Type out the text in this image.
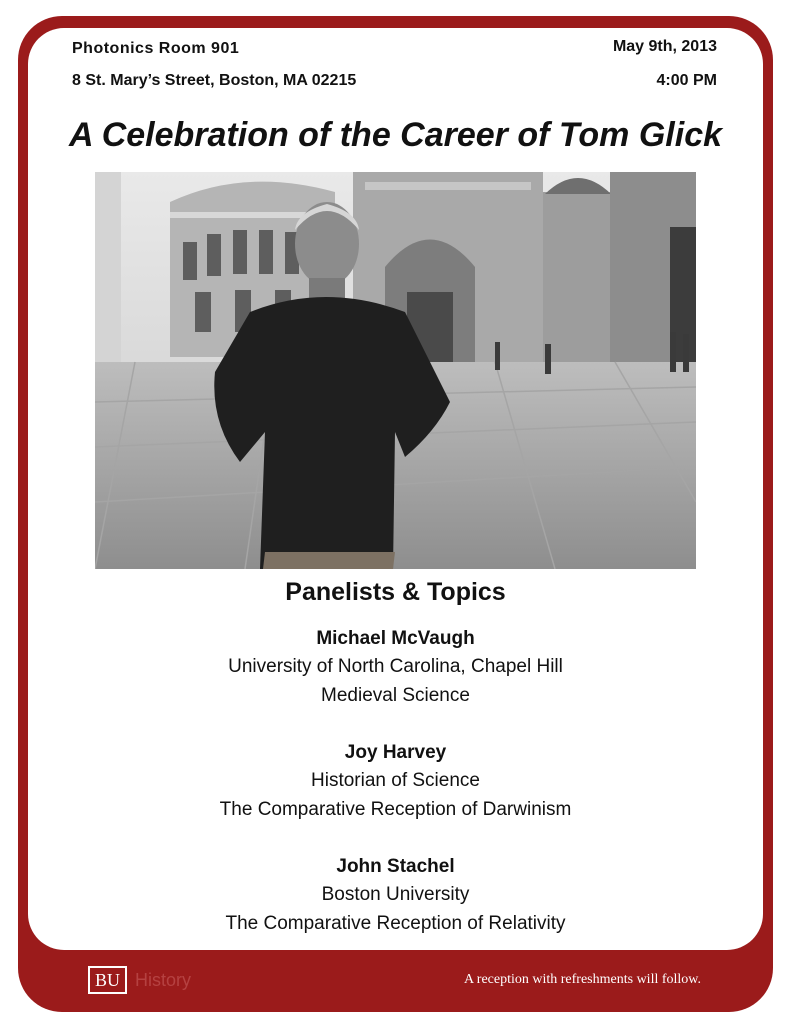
Photonics Room 901
8 St. Mary’s Street, Boston, MA 02215
May 9th, 2013
4:00 PM
A Celebration of the Career of Tom Glick
Panelists & Topics
Michael McVaugh
University of North Carolina, Chapel Hill
Medieval Science
Joy Harvey
Historian of Science
The Comparative Reception of Darwinism
John Stachel
Boston University
The Comparative Reception of Relativity
BU History	A reception with refreshments will follow.
